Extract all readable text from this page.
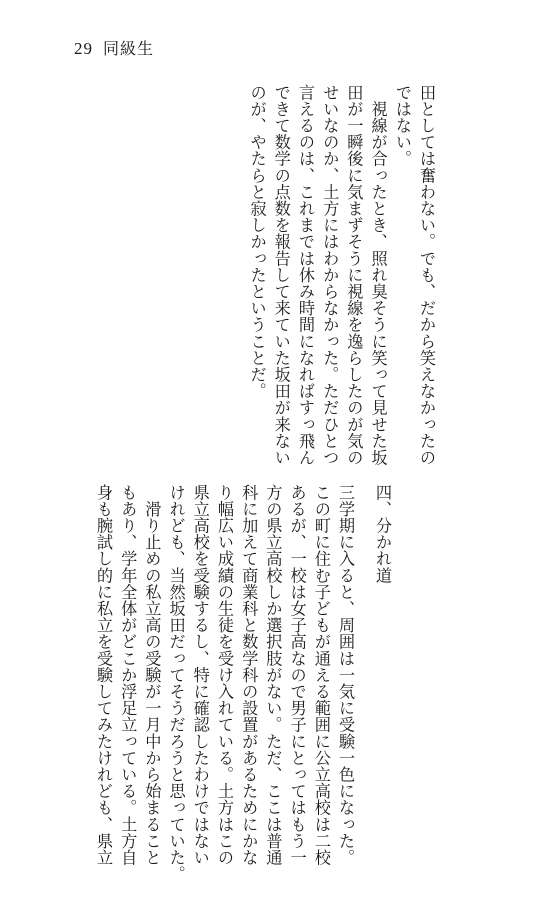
29 同級生
田としては奮わない。でも、だから笑えなかったの
ではない。
　視線が合ったとき、照れ臭そうに笑って見せた坂
田が一瞬後に気まずそうに視線を逸らしたのが気の
せいなのか、土方にはわからなかった。ただひとつ
言えるのは、これまでは休み時間になればすっ飛ん
できて数学の点数を報告して来ていた坂田が来ない
のが、やたらと寂しかったということだ。
四、分かれ道
三学期に入ると、周囲は一気に受験一色になった。
この町に住む子どもが通える範囲に公立高校は二校
あるが、一校は女子高なので男子にとってはもう一
方の県立高校しか選択肢がない。ただ、ここは普通
科に加えて商業科と数学科の設置があるためにかな
り幅広い成績の生徒を受け入れている。土方はこの
県立高校を受験するし、特に確認したわけではない
けれども、当然坂田だってそうだろうと思っていた。
　滑り止めの私立高の受験が一月中から始まること
もあり、学年全体がどこか浮足立っている。土方自
身も腕試し的に私立を受験してみたけれども、県立
